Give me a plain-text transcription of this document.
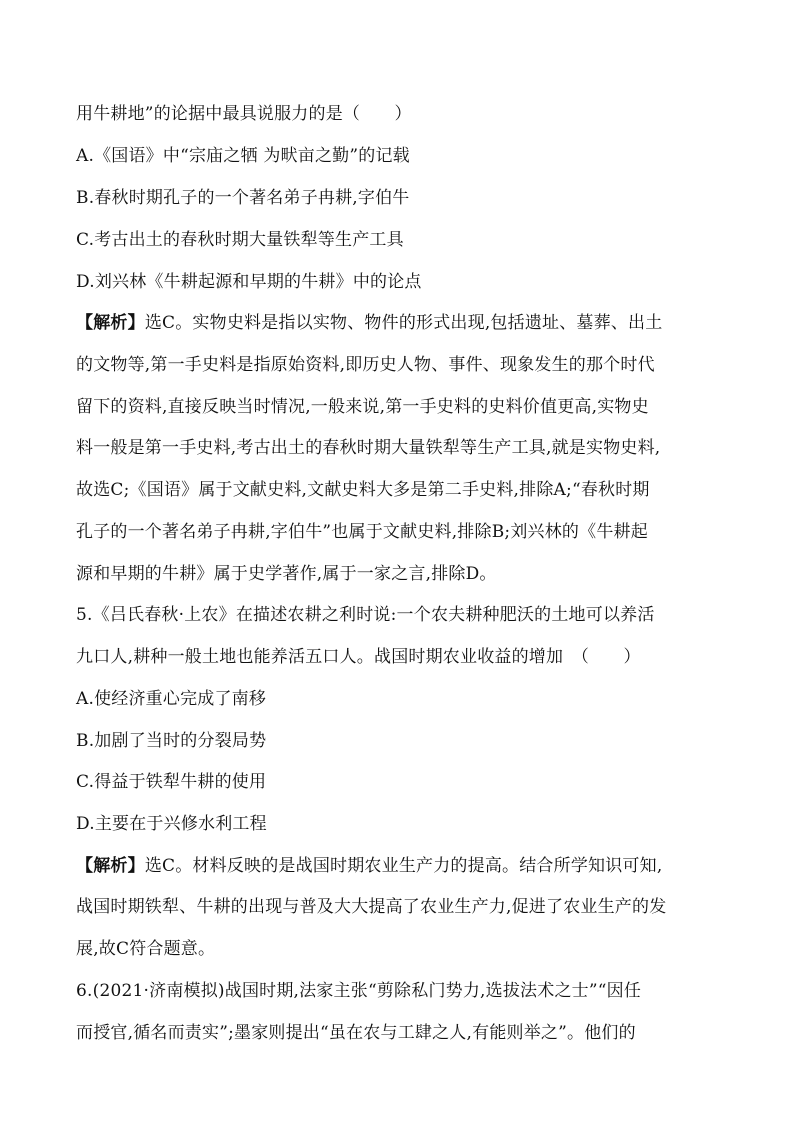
用牛耕地”的论据中最具说服力的是（　　）
A.《国语》中“宗庙之牺 为畎亩之勤”的记载
B.春秋时期孔子的一个著名弟子冉耕,字伯牛
C.考古出土的春秋时期大量铁犁等生产工具
D.刘兴林《牛耕起源和早期的牛耕》中的论点
【解析】选C。实物史料是指以实物、物件的形式出现,包括遗址、墓葬、出土
的文物等,第一手史料是指原始资料,即历史人物、事件、现象发生的那个时代
留下的资料,直接反映当时情况,一般来说,第一手史料的史料价值更高,实物史
料一般是第一手史料,考古出土的春秋时期大量铁犁等生产工具,就是实物史料,
故选C;《国语》属于文献史料,文献史料大多是第二手史料,排除A;“春秋时期
孔子的一个著名弟子冉耕,字伯牛”也属于文献史料,排除B;刘兴林的《牛耕起
源和早期的牛耕》属于史学著作,属于一家之言,排除D。
5.《吕氏春秋·上农》在描述农耕之利时说:一个农夫耕种肥沃的土地可以养活
九口人,耕种一般土地也能养活五口人。战国时期农业收益的增加　（　　）
A.使经济重心完成了南移
B.加剧了当时的分裂局势
C.得益于铁犁牛耕的使用
D.主要在于兴修水利工程
【解析】选C。材料反映的是战国时期农业生产力的提高。结合所学知识可知,
战国时期铁犁、牛耕的出现与普及大大提高了农业生产力,促进了农业生产的发
展,故C符合题意。
6.(2021·济南模拟)战国时期,法家主张“剪除私门势力,选拔法术之士”“因任
而授官,循名而责实”;墨家则提出“虽在农与工肆之人,有能则举之”。他们的
